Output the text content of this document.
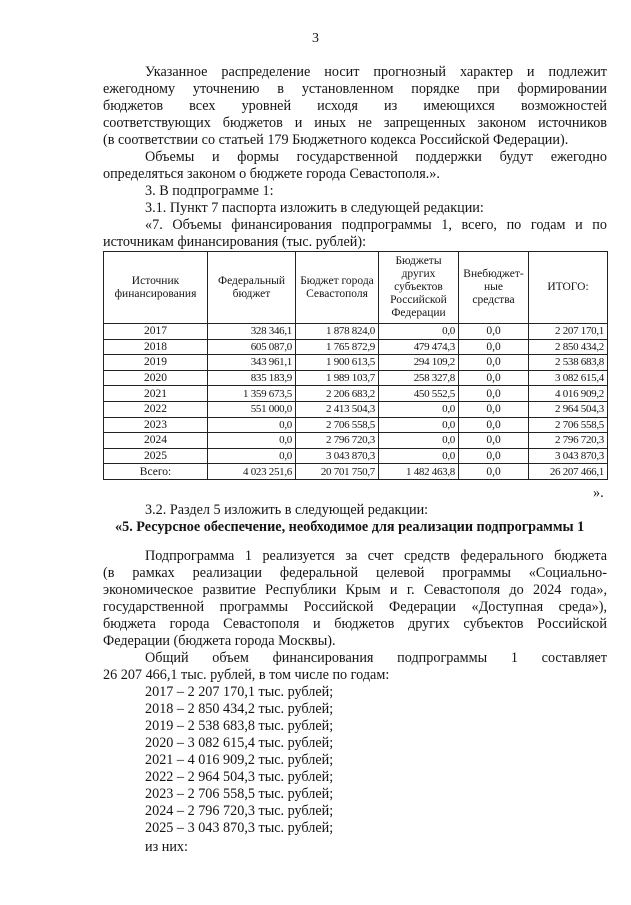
3
Указанное распределение носит прогнозный характер и подлежит
ежегодному уточнению в установленном порядке при формировании
бюджетов всех уровней исходя из имеющихся возможностей
соответствующих бюджетов и иных не запрещенных законом источников
(в соответствии со статьей 179 Бюджетного кодекса Российской Федерации).
Объемы и формы государственной поддержки будут ежегодно
определяться законом о бюджете города Севастополя.».
3. В подпрограмме 1:
3.1. Пункт 7 паспорта изложить в следующей редакции:
«7. Объемы финансирования подпрограммы 1, всего, по годам и по
источникам финансирования (тыс. рублей):
Источник финансирования	Федеральный бюджет	Бюджет города Севастополя	Бюджеты других субъектов Российской Федерации	Внебюджет-ные средства	ИТОГО:
2017	328 346,1	1 878 824,0	0,0	0,0	2 207 170,1
2018	605 087,0	1 765 872,9	479 474,3	0,0	2 850 434,2
2019	343 961,1	1 900 613,5	294 109,2	0,0	2 538 683,8
2020	835 183,9	1 989 103,7	258 327,8	0,0	3 082 615,4
2021	1 359 673,5	2 206 683,2	450 552,5	0,0	4 016 909,2
2022	551 000,0	2 413 504,3	0,0	0,0	2 964 504,3
2023	0,0	2 706 558,5	0,0	0,0	2 706 558,5
2024	0,0	2 796 720,3	0,0	0,0	2 796 720,3
2025	0,0	3 043 870,3	0,0	0,0	3 043 870,3
Всего:	4 023 251,6	20 701 750,7	1 482 463,8	0,0	26 207 466,1
».
3.2. Раздел 5 изложить в следующей редакции:
«5. Ресурсное обеспечение, необходимое для реализации подпрограммы 1
Подпрограмма 1 реализуется за счет средств федерального бюджета
(в рамках реализации федеральной целевой программы «Социально-
экономическое развитие Республики Крым и г. Севастополя до 2024 года»,
государственной программы Российской Федерации «Доступная среда»),
бюджета города Севастополя и бюджетов других субъектов Российской
Федерации (бюджета города Москвы).
Общий объем финансирования подпрограммы 1 составляет
26 207 466,1 тыс. рублей, в том числе по годам:
2017 – 2 207 170,1 тыс. рублей;
2018 – 2 850 434,2 тыс. рублей;
2019 – 2 538 683,8 тыс. рублей;
2020 – 3 082 615,4 тыс. рублей;
2021 – 4 016 909,2 тыс. рублей;
2022 – 2 964 504,3 тыс. рублей;
2023 – 2 706 558,5 тыс. рублей;
2024 – 2 796 720,3 тыс. рублей;
2025 – 3 043 870,3 тыс. рублей;
из них:
